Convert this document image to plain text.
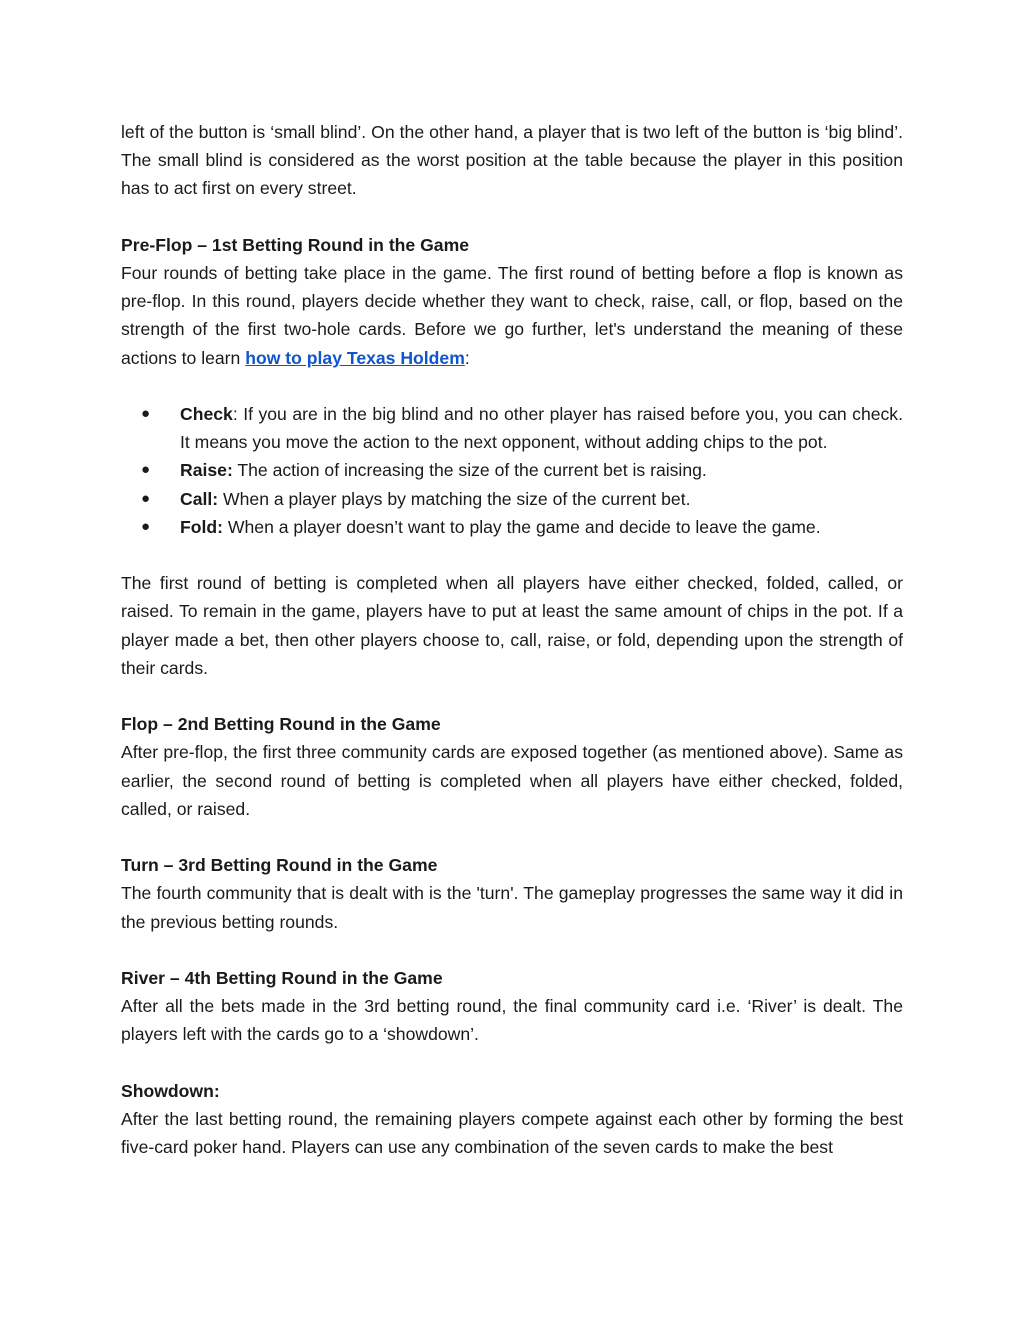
left of the button is ‘small blind’. On the other hand, a player that is two left of the button is ‘big blind’. The small blind is considered as the worst position at the table because the player in this position has to act first on every street.

Pre-Flop – 1st Betting Round in the Game

Four rounds of betting take place in the game. The first round of betting before a flop is known as pre-flop. In this round, players decide whether they want to check, raise, call, or flop, based on the strength of the first two-hole cards. Before we go further, let's understand the meaning of these actions to learn how to play Texas Holdem:

● Check: If you are in the big blind and no other player has raised before you, you can check. It means you move the action to the next opponent, without adding chips to the pot.
● Raise: The action of increasing the size of the current bet is raising.
● Call: When a player plays by matching the size of the current bet.
● Fold: When a player doesn’t want to play the game and decide to leave the game.

The first round of betting is completed when all players have either checked, folded, called, or raised. To remain in the game, players have to put at least the same amount of chips in the pot. If a player made a bet, then other players choose to, call, raise, or fold, depending upon the strength of their cards.

Flop – 2nd Betting Round in the Game

After pre-flop, the first three community cards are exposed together (as mentioned above). Same as earlier, the second round of betting is completed when all players have either checked, folded, called, or raised.

Turn – 3rd Betting Round in the Game

The fourth community that is dealt with is the 'turn'. The gameplay progresses the same way it did in the previous betting rounds.

River – 4th Betting Round in the Game

After all the bets made in the 3rd betting round, the final community card i.e. ‘River’ is dealt. The players left with the cards go to a ‘showdown’.

Showdown:

After the last betting round, the remaining players compete against each other by forming the best five-card poker hand. Players can use any combination of the seven cards to make the best
